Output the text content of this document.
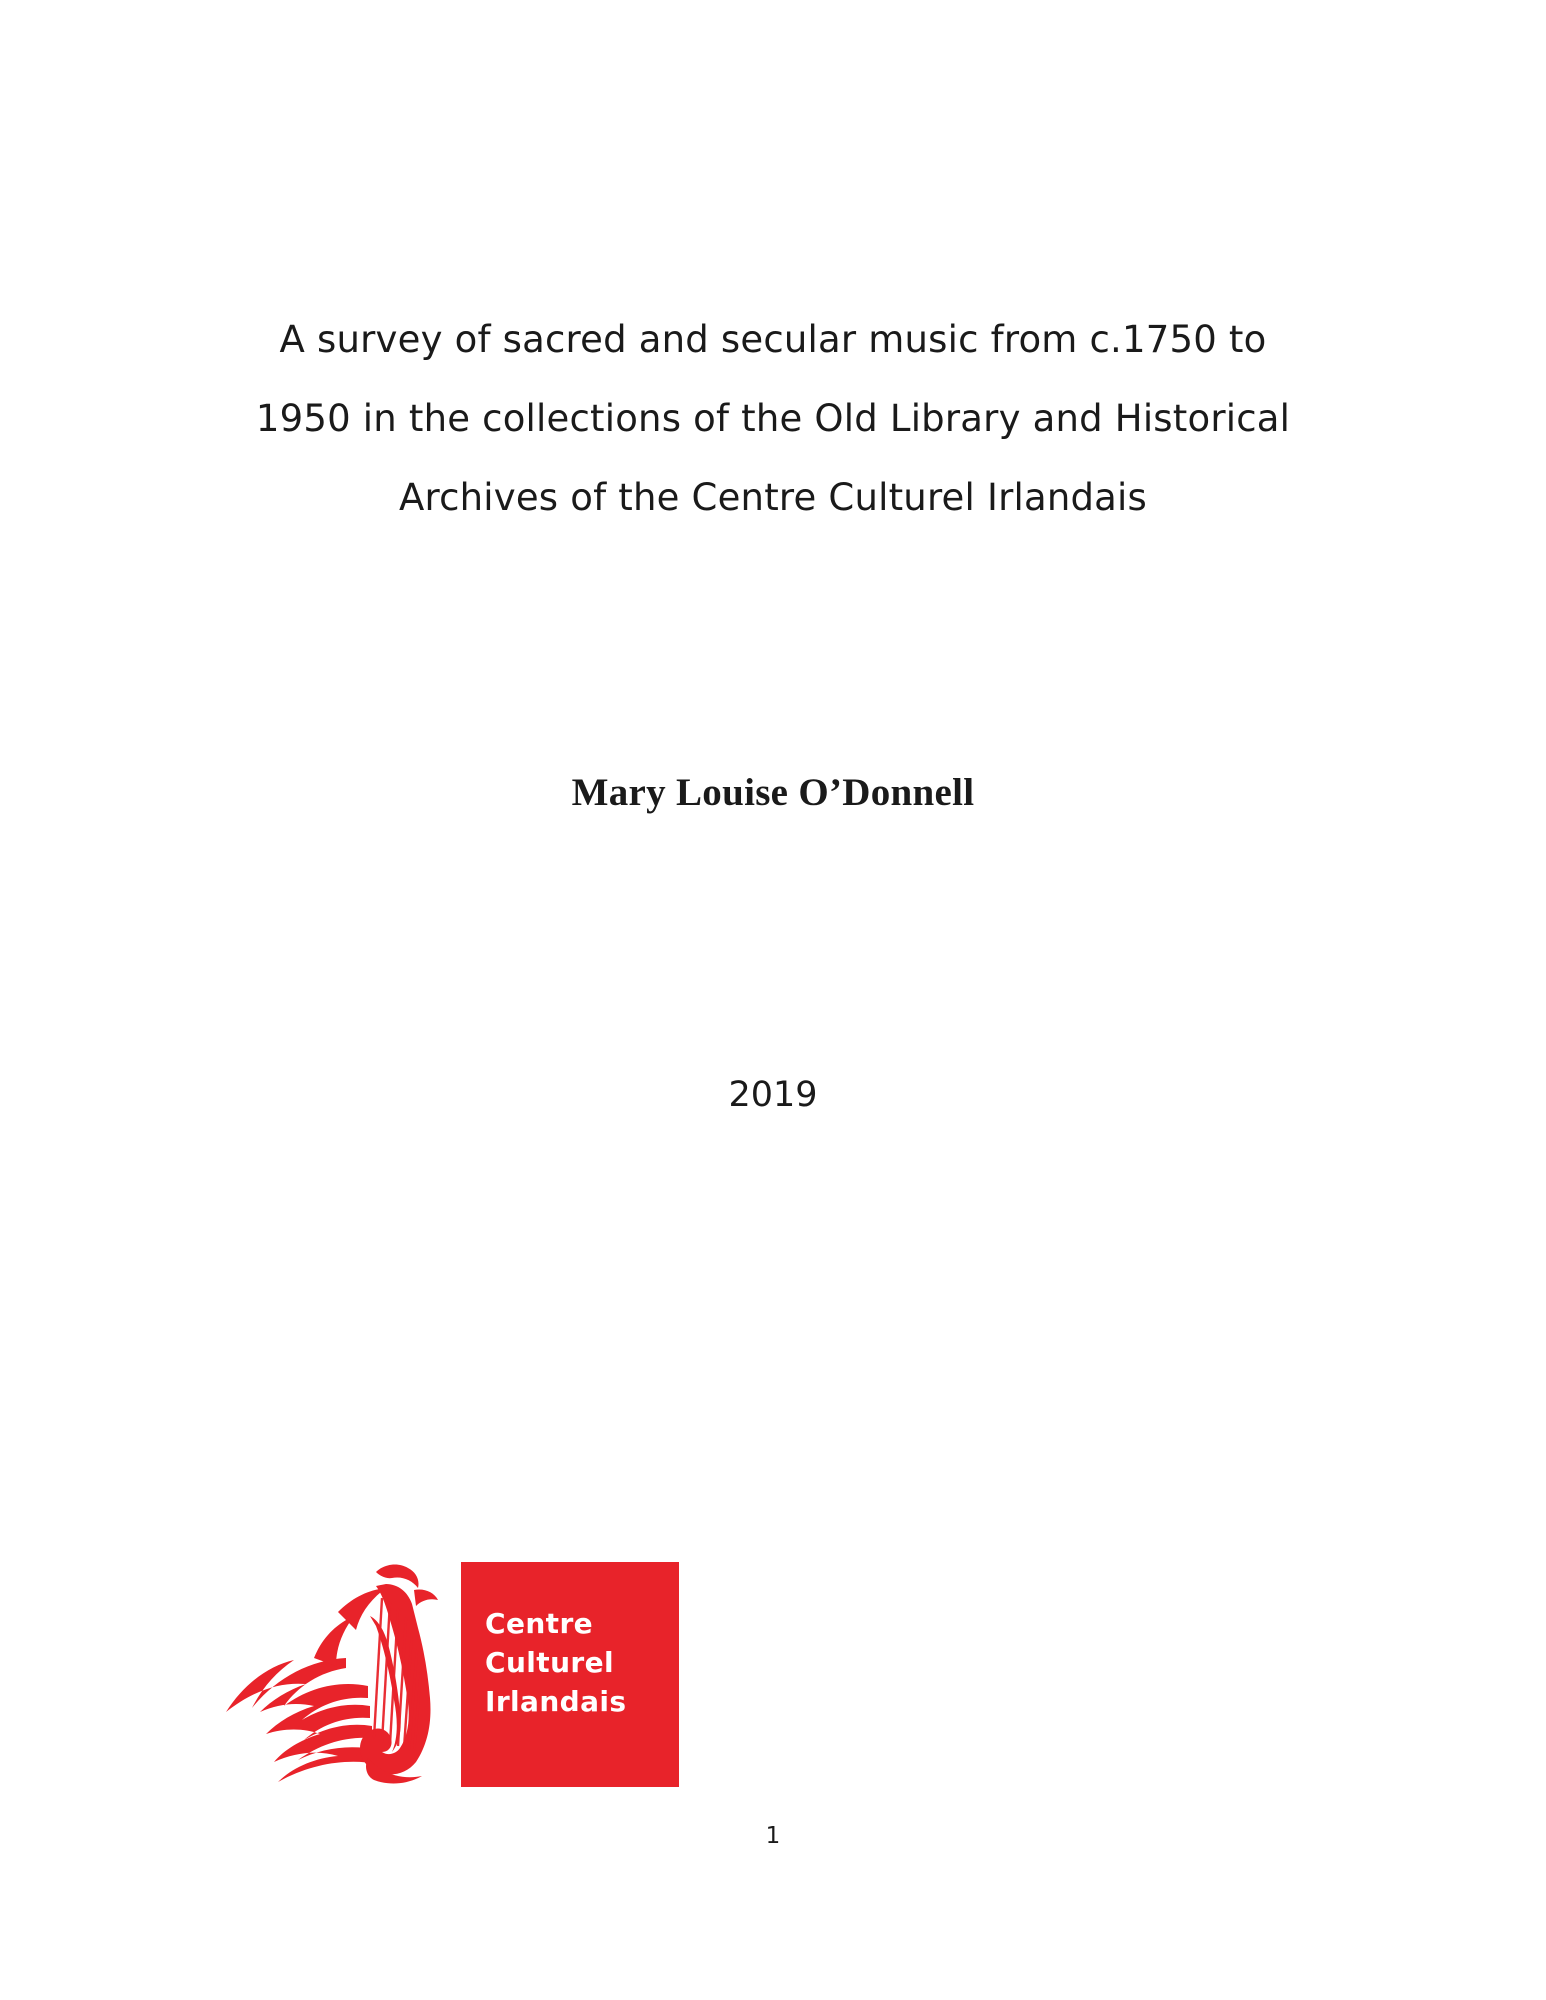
A survey of sacred and secular music from c.1750 to
1950 in the collections of the Old Library and Historical
Archives of the Centre Culturel Irlandais
Mary Louise O’Donnell
2019
Centre
Culturel
Irlandais
1
